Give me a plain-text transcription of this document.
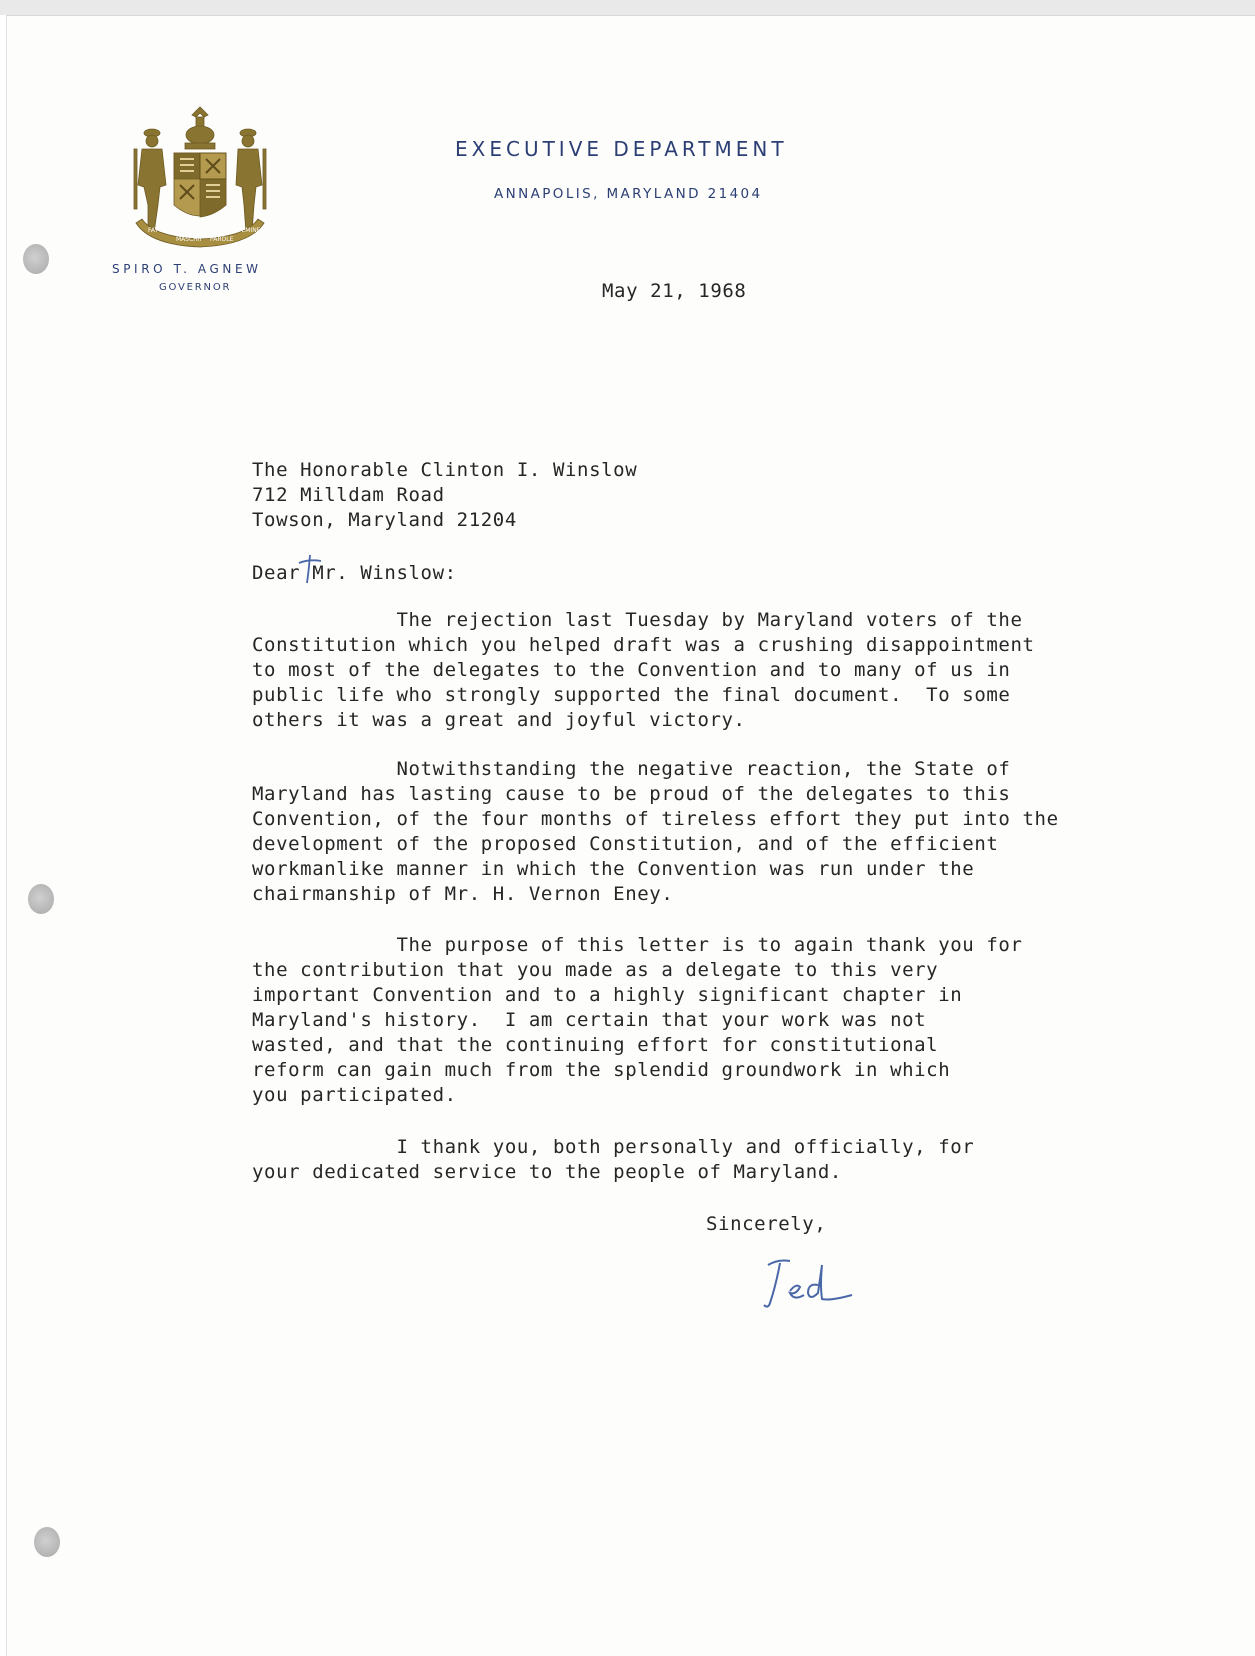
FATTI
MASCHII PAROLE
FEMINE
EXECUTIVE DEPARTMENT
ANNAPOLIS, MARYLAND 21404
SPIRO T. AGNEW
GOVERNOR	May 21, 1968
The Honorable Clinton I. Winslow
712 Milldam Road
Towson, Maryland 21204
Dear Mr. Winslow:
The rejection last Tuesday by Maryland voters of the
Constitution which you helped draft was a crushing disappointment
to most of the delegates to the Convention and to many of us in
public life who strongly supported the final document.  To some
others it was a great and joyful victory.
Notwithstanding the negative reaction, the State of
Maryland has lasting cause to be proud of the delegates to this
Convention, of the four months of tireless effort they put into the
development of the proposed Constitution, and of the efficient
workmanlike manner in which the Convention was run under the
chairmanship of Mr. H. Vernon Eney.
The purpose of this letter is to again thank you for
the contribution that you made as a delegate to this very
important Convention and to a highly significant chapter in
Maryland's history.  I am certain that your work was not
wasted, and that the continuing effort for constitutional
reform can gain much from the splendid groundwork in which
you participated.
I thank you, both personally and officially, for
your dedicated service to the people of Maryland.
Sincerely,
